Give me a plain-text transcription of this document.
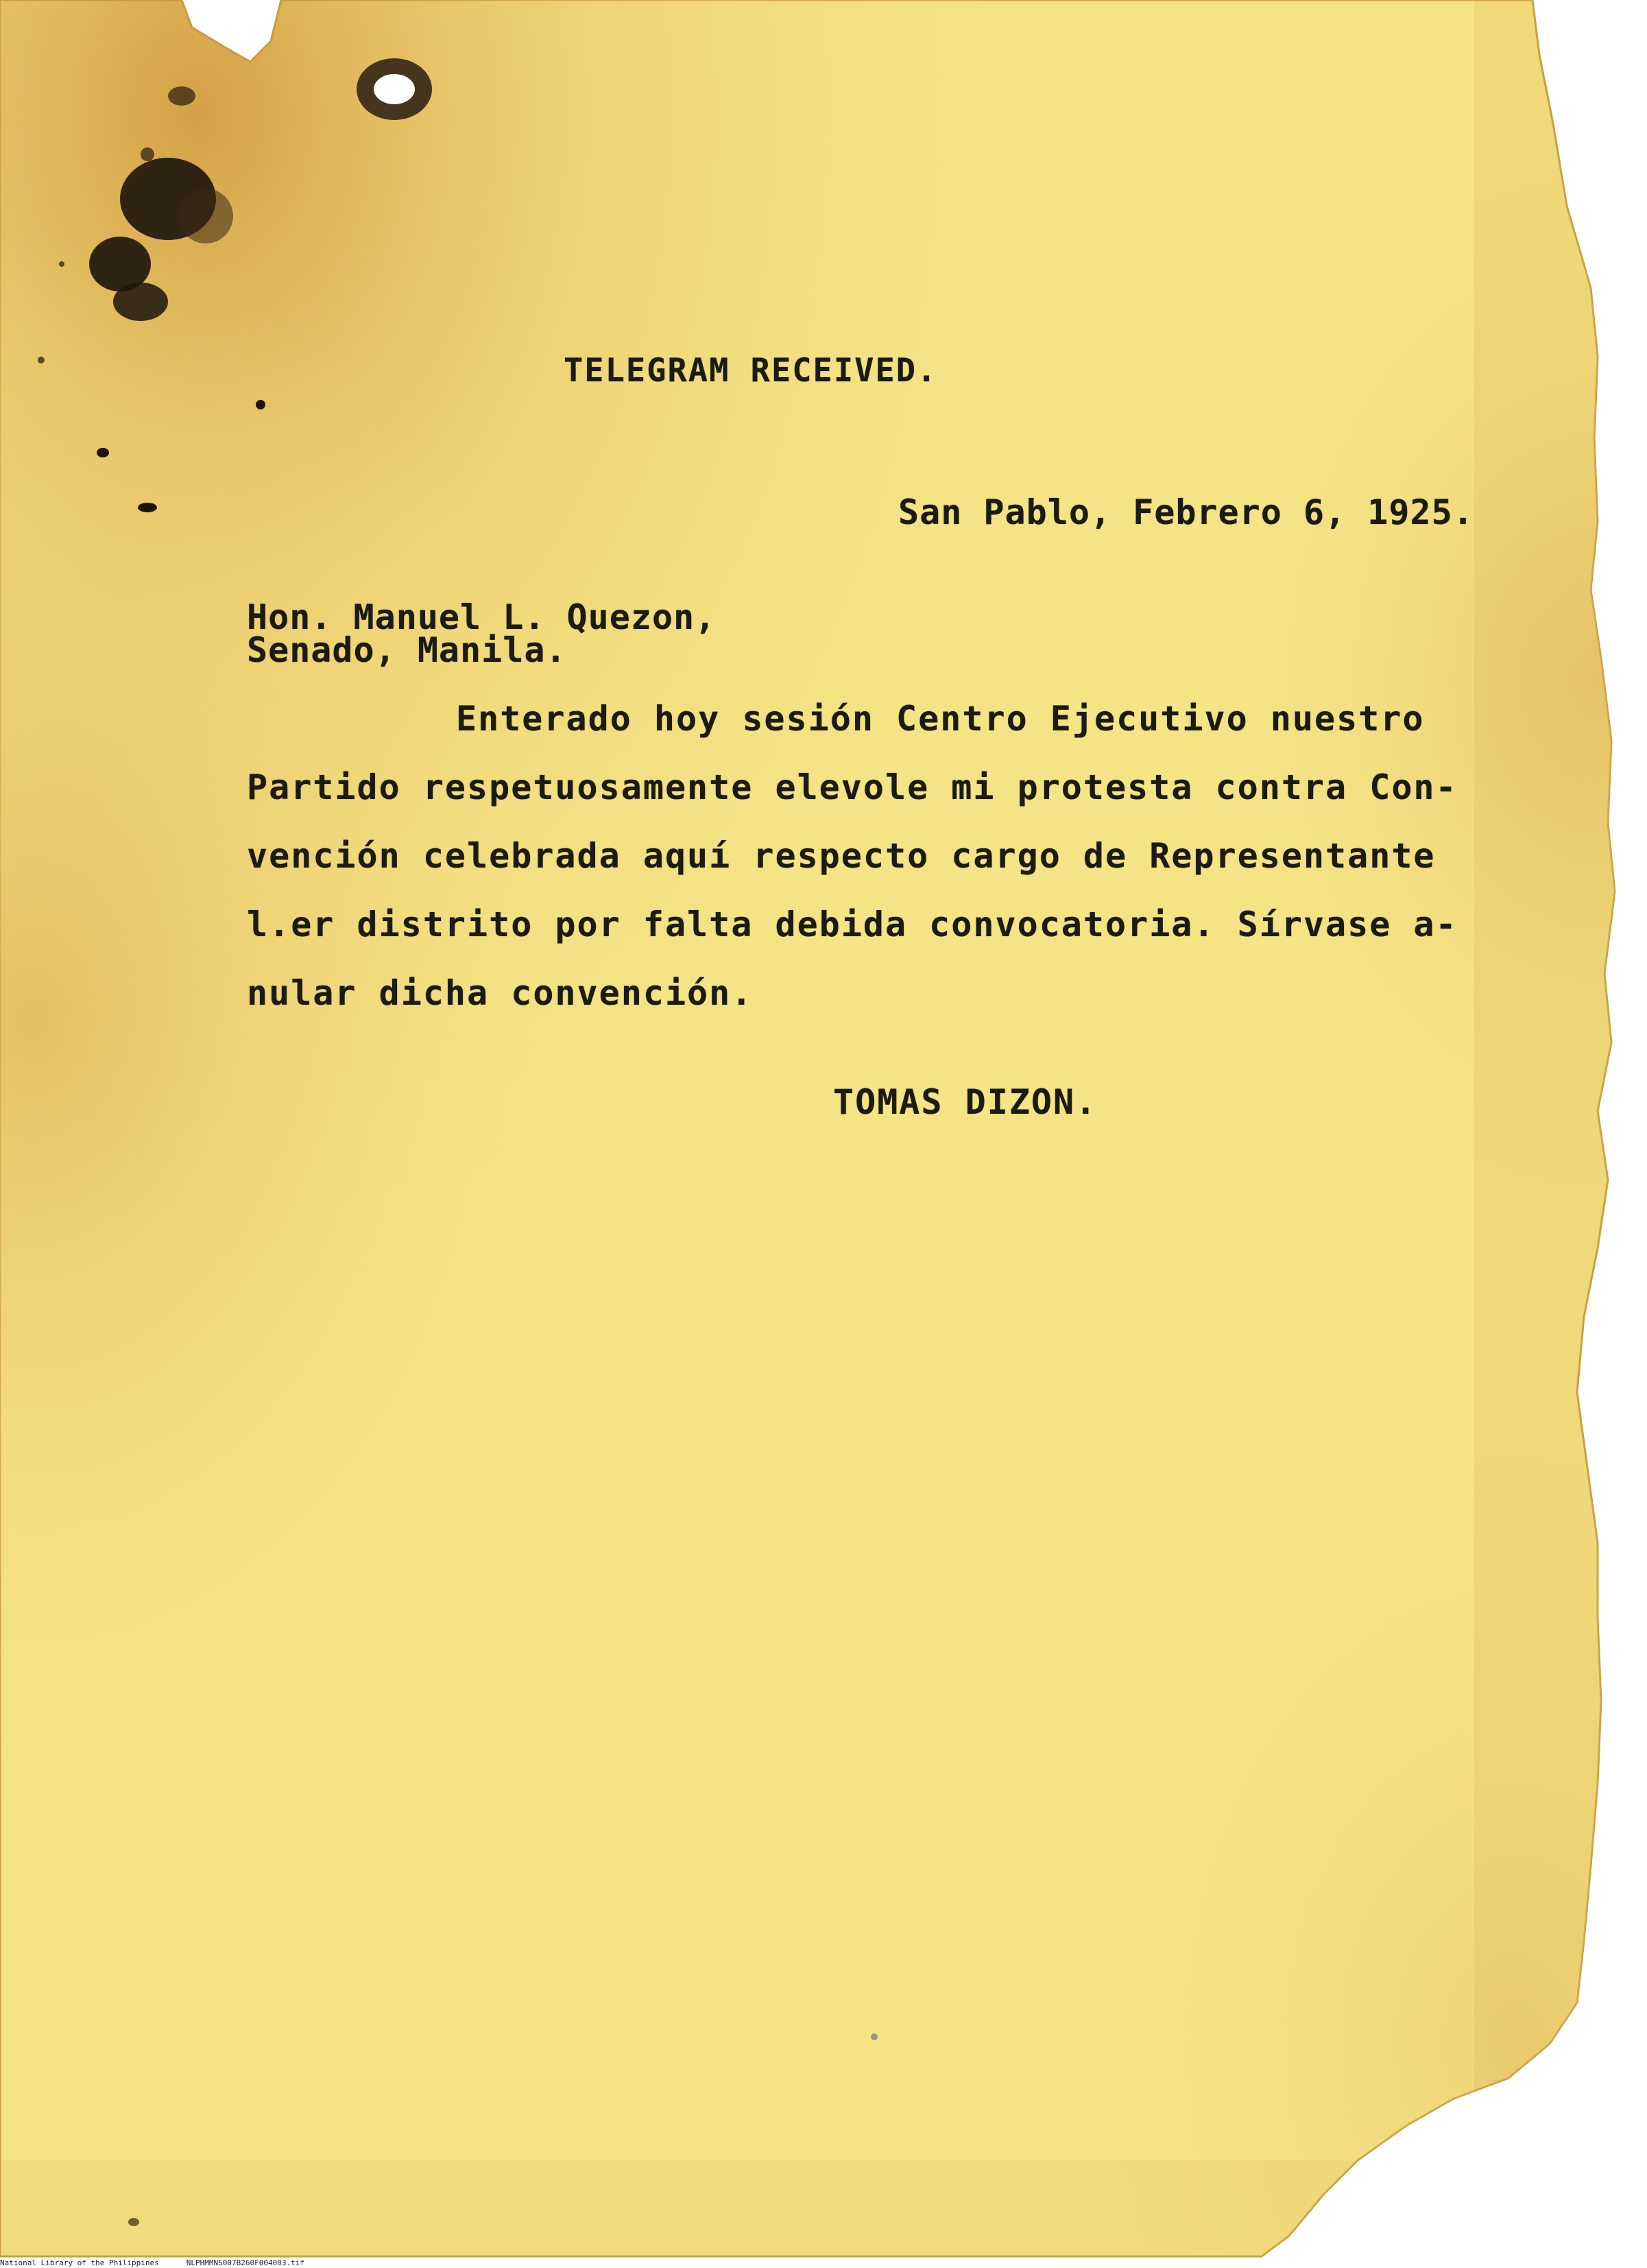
TELEGRAM RECEIVED.
San Pablo, Febrero 6, 1925.
Hon. Manuel L. Quezon,
Senado, Manila.
Enterado hoy sesión Centro Ejecutivo nuestro
Partido respetuosamente elevole mi protesta contra Con-
vención celebrada aquí respecto cargo de Representante
l.er distrito por falta debida convocatoria. Sírvase a-
nular dicha convención.
TOMAS DIZON.
National Library of the Philippines	NLPHMMNS007B260F004003.tif
